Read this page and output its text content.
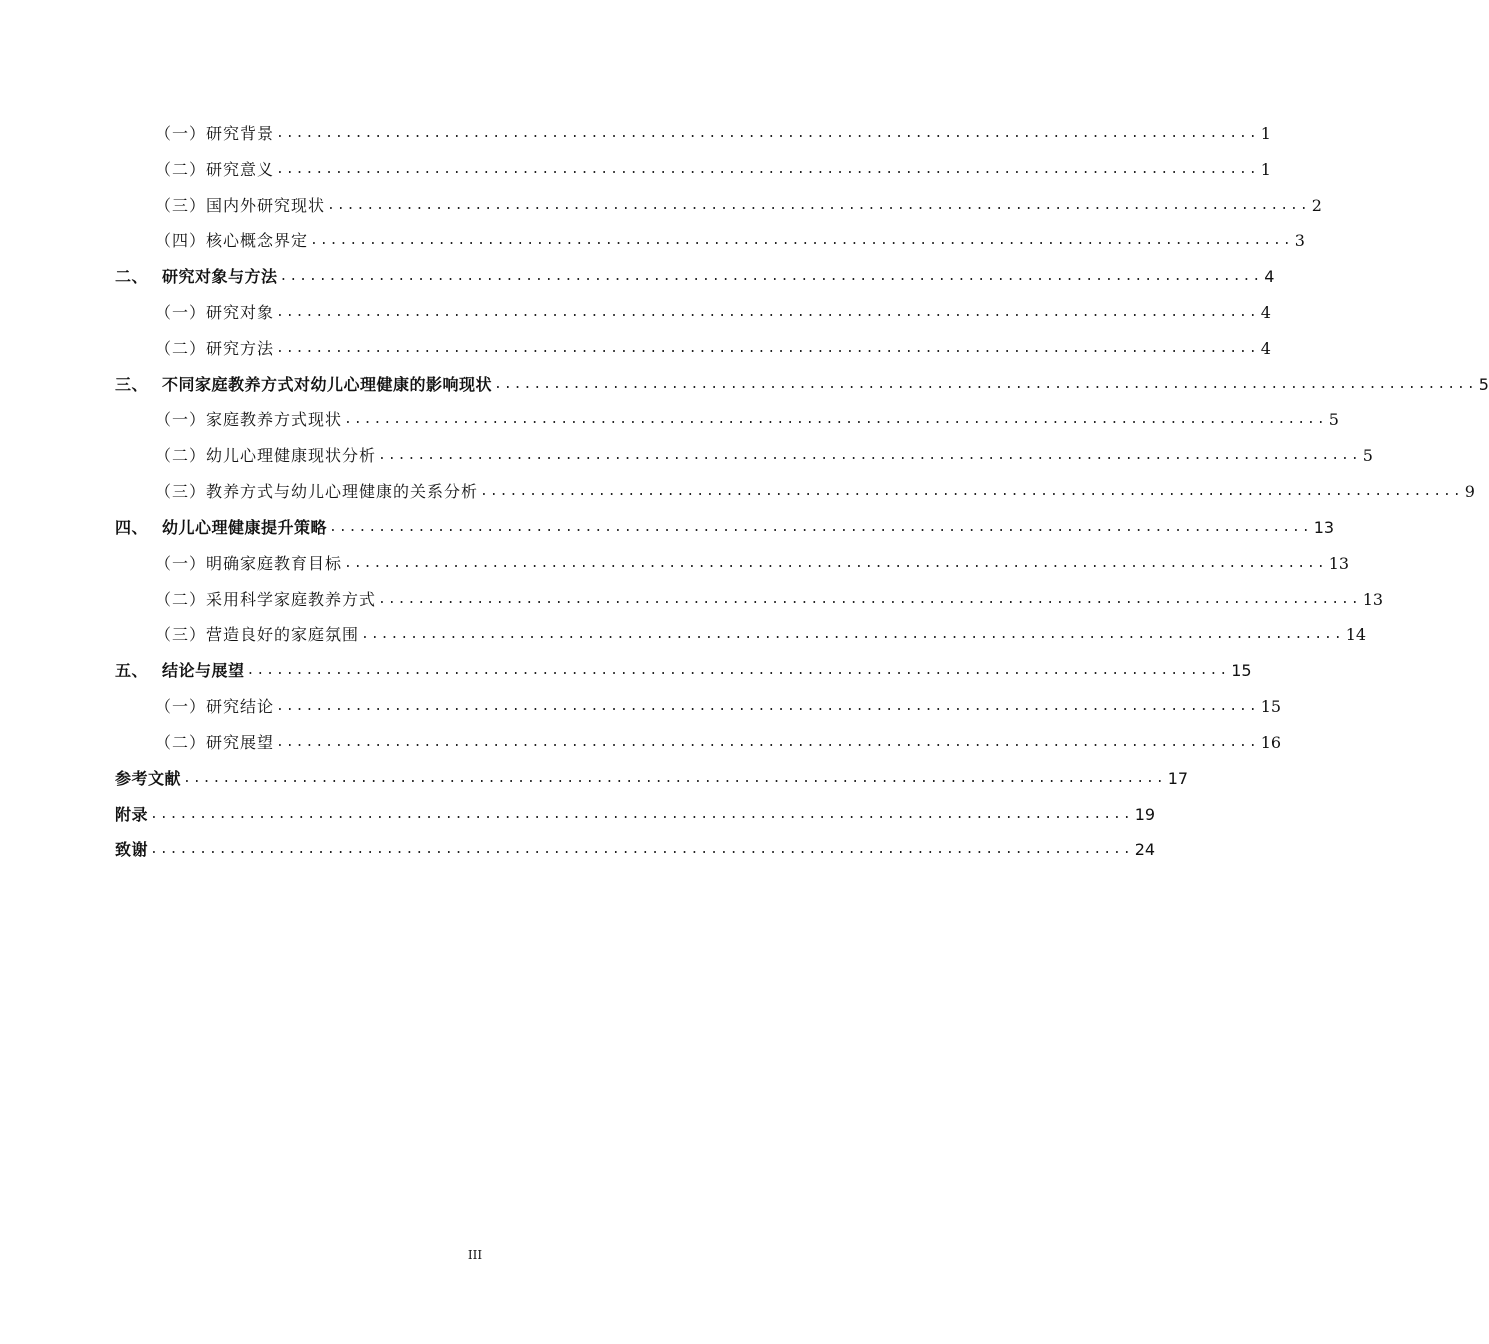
（一）研究背景 .................................................................................................... 1
（二）研究意义 .................................................................................................... 1
（三）国内外研究现状 .................................................................................................... 2
（四）核心概念界定 .................................................................................................... 3
二、 研究对象与方法 .................................................................................................... 4
（一）研究对象 .................................................................................................... 4
（二）研究方法 .................................................................................................... 4
三、 不同家庭教养方式对幼儿心理健康的影响现状 .................................................................................................... 5
（一）家庭教养方式现状 .................................................................................................... 5
（二）幼儿心理健康现状分析 .................................................................................................... 5
（三）教养方式与幼儿心理健康的关系分析 .................................................................................................... 9
四、 幼儿心理健康提升策略 .................................................................................................... 13
（一）明确家庭教育目标 .................................................................................................... 13
（二）采用科学家庭教养方式 .................................................................................................... 13
（三）营造良好的家庭氛围 .................................................................................................... 14
五、 结论与展望 .................................................................................................... 15
（一）研究结论 .................................................................................................... 15
（二）研究展望 .................................................................................................... 16
参考文献 .................................................................................................... 17
附录 .................................................................................................... 19
致谢 .................................................................................................... 24
III
